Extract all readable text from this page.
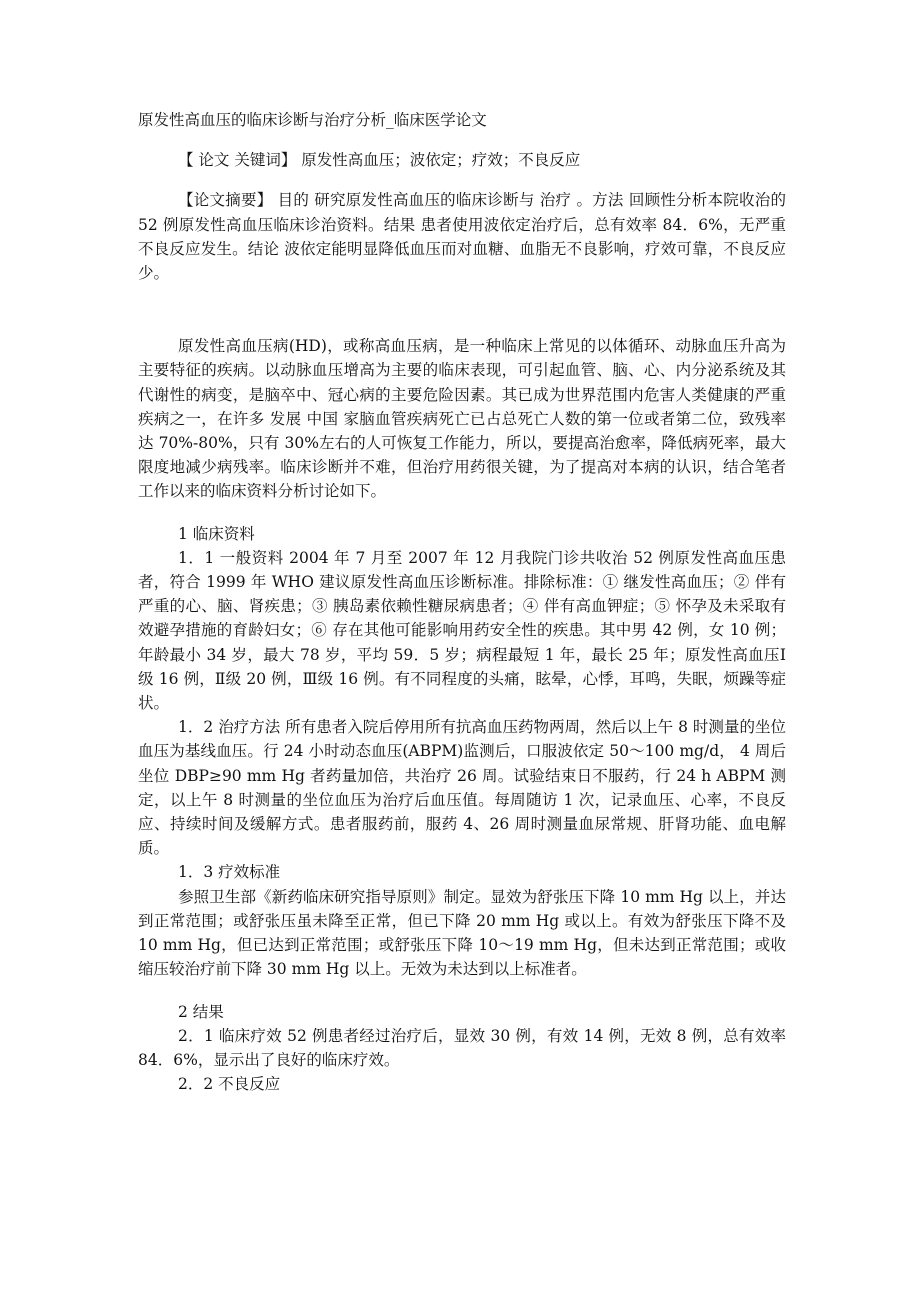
原发性高血压的临床诊断与治疗分析_临床医学论文

【 论文 关键词】 原发性高血压；波依定；疗效；不良反应

【论文摘要】 目的 研究原发性高血压的临床诊断与 治疗 。方法 回顾性分析本院收治的 52 例原发性高血压临床诊治资料。结果 患者使用波依定治疗后，总有效率 84．6%，无严重不良反应发生。结论 波依定能明显降低血压而对血糖、血脂无不良影响，疗效可靠，不良反应少。

原发性高血压病(HD)，或称高血压病，是一种临床上常见的以体循环、动脉血压升高为主要特征的疾病。以动脉血压增高为主要的临床表现，可引起血管、脑、心、内分泌系统及其代谢性的病变，是脑卒中、冠心病的主要危险因素。其已成为世界范围内危害人类健康的严重疾病之一，在许多 发展 中国 家脑血管疾病死亡已占总死亡人数的第一位或者第二位，致残率达 70%-80%，只有 30%左右的人可恢复工作能力，所以，要提高治愈率，降低病死率，最大限度地减少病残率。临床诊断并不难，但治疗用药很关键，为了提高对本病的认识，结合笔者工作以来的临床资料分析讨论如下。

1 临床资料

1．1 一般资料 2004 年 7 月至 2007 年 12 月我院门诊共收治 52 例原发性高血压患者，符合 1999 年 WHO 建议原发性高血压诊断标准。排除标准：① 继发性高血压；② 伴有严重的心、脑、肾疾患；③ 胰岛素依赖性糖尿病患者；④ 伴有高血钾症；⑤ 怀孕及未采取有效避孕措施的育龄妇女；⑥ 存在其他可能影响用药安全性的疾患。其中男 42 例，女 10 例；年龄最小 34 岁，最大 78 岁，平均 59．5 岁；病程最短 1 年，最长 25 年；原发性高血压Ⅰ级 16 例，Ⅱ级 20 例，Ⅲ级 16 例。有不同程度的头痛，眩晕，心悸，耳鸣，失眠，烦躁等症状。

1．2 治疗方法 所有患者入院后停用所有抗高血压药物两周，然后以上午 8 时测量的坐位血压为基线血压。行 24 小时动态血压(ABPM)监测后，口服波依定 50～100 mg/d， 4 周后坐位 DBP≥90 mm Hg 者药量加倍，共治疗 26 周。试验结束日不服药，行 24 h ABPM 测定，以上午 8 时测量的坐位血压为治疗后血压值。每周随访 1 次，记录血压、心率，不良反应、持续时间及缓解方式。患者服药前，服药 4、26 周时测量血尿常规、肝肾功能、血电解质。

1．3 疗效标准

参照卫生部《新药临床研究指导原则》制定。显效为舒张压下降 10 mm Hg 以上，并达到正常范围；或舒张压虽未降至正常，但已下降 20 mm Hg 或以上。有效为舒张压下降不及 10 mm Hg，但已达到正常范围；或舒张压下降 10～19 mm Hg，但未达到正常范围；或收缩压较治疗前下降 30 mm Hg 以上。无效为未达到以上标准者。

2 结果

2．1 临床疗效 52 例患者经过治疗后，显效 30 例，有效 14 例，无效 8 例，总有效率 84．6%，显示出了良好的临床疗效。

2．2 不良反应
